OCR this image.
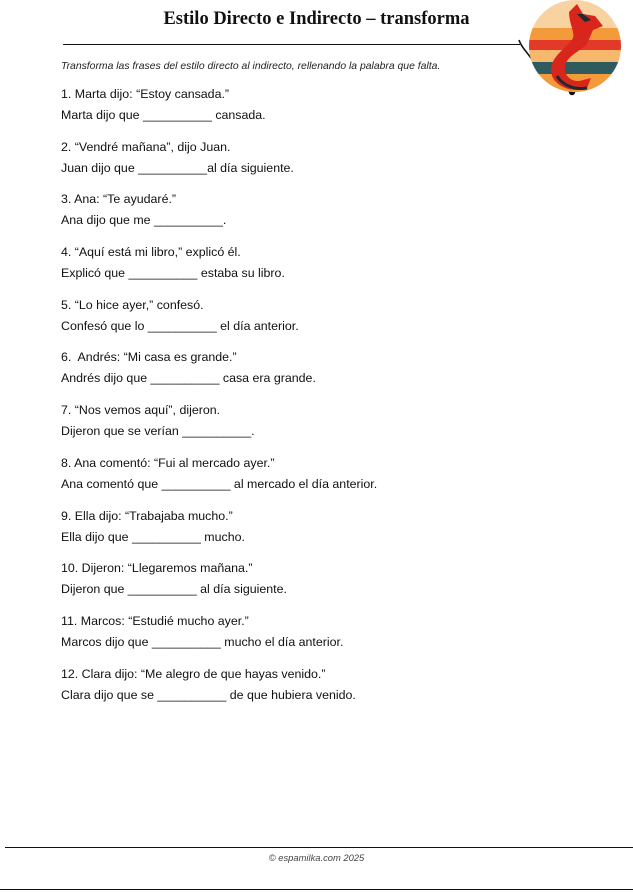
Estilo Directo e Indirecto – transforma
Transforma las frases del estilo directo al indirecto, rellenando la palabra que falta.
1. Marta dijo: “Estoy cansada.”
Marta dijo que __________ cansada.
2. “Vendré mañana”, dijo Juan.
Juan dijo que __________al día siguiente.
3. Ana: “Te ayudaré.”
Ana dijo que me __________.
4. “Aquí está mi libro,” explicó él.
Explicó que __________ estaba su libro.
5. “Lo hice ayer,” confesó.
Confesó que lo __________ el día anterior.
6.  Andrés: “Mi casa es grande.”
Andrés dijo que __________ casa era grande.
7. “Nos vemos aquí”, dijeron.
Dijeron que se verían __________.
8. Ana comentó: “Fui al mercado ayer.”
Ana comentó que __________ al mercado el día anterior.
9. Ella dijo: “Trabajaba mucho.”
Ella dijo que __________ mucho.
10. Dijeron: “Llegaremos mañana.”
Dijeron que __________ al día siguiente.
11. Marcos: “Estudié mucho ayer.”
Marcos dijo que __________ mucho el día anterior.
12. Clara dijo: “Me alegro de que hayas venido.”
Clara dijo que se __________ de que hubiera venido.
© espamilka.com 2025
